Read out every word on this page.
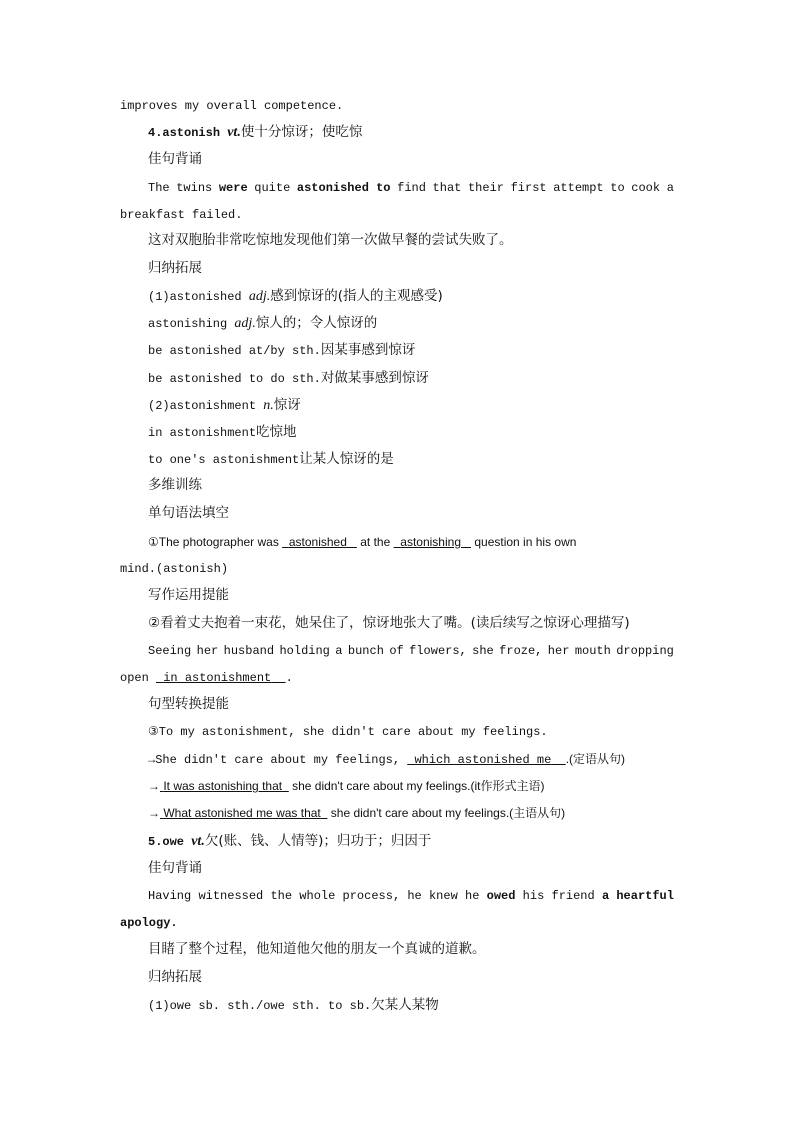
improves my overall competence.
4.astonish vt.使十分惊讶；使吃惊
佳句背诵
The twins were quite astonished to find that their first attempt to cook a
breakfast failed.
这对双胞胎非常吃惊地发现他们第一次做早餐的尝试失败了。
归纳拓展
(1)astonished adj.感到惊讶的(指人的主观感受)
astonishing adj.惊人的；令人惊讶的
be astonished at/by sth.因某事感到惊讶
be astonished to do sth.对做某事感到惊讶
(2)astonishment n.惊讶
in astonishment吃惊地
to one's astonishment让某人惊讶的是
多维训练
单句语法填空
①The photographer was   astonished    at the   astonishing    question in his own
mind.(astonish)
写作运用提能
②看着丈夫抱着一束花，她呆住了，惊讶地张大了嘴。(读后续写之惊讶心理描写)
Seeing her husband holding a bunch of flowers, she froze, her mouth dropping
open  in astonishment .
句型转换提能
③To my astonishment, she didn't care about my feelings.
→She didn't care about my feelings,  which astonished me .(定语从句)
→ It was astonishing that   she didn't care about my feelings.(it作形式主语)
→ What astonished me was that   she didn't care about my feelings.(主语从句)
5.owe vt.欠(账、钱、人情等)；归功于；归因于
佳句背诵
Having witnessed the whole process, he knew he owed his friend a heartful
apology.
目睹了整个过程，他知道他欠他的朋友一个真诚的道歉。
归纳拓展
(1)owe sb. sth./owe sth. to sb.欠某人某物
